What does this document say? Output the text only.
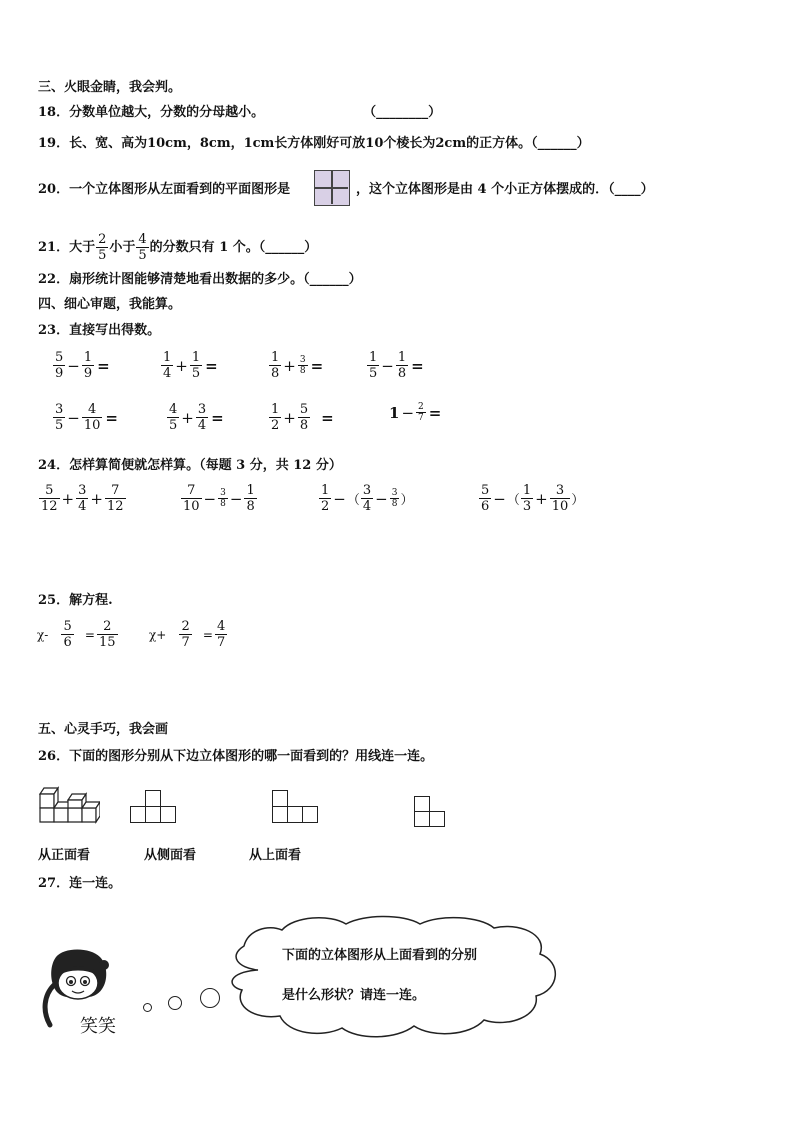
三、火眼金睛，我会判。
18．分数单位越大，分数的分母越小。	（________）
19．长、宽、高为10cm，8cm，1cm长方体刚好可放10个棱长为2cm的正方体。（______）
20．一个立体图形从左面看到的平面图形是	，这个立体图形是由 4 个小正方体摆成的．（____）
21．大于 $\frac{2}{5}$ 小于 $\frac{4}{5}$ 的分数只有 1 个。（______）
22．扇形统计图能够清楚地看出数据的多少。（______）
四、细心审题，我能算。
23．直接写出得数。
$\frac{5}{9} - \frac{1}{9}$ =	$\frac{1}{4} + \frac{1}{5}$ =	$\frac{1}{8} + \frac{3}{8}$ =	$\frac{1}{5} - \frac{1}{8}$ =
$\frac{3}{5} - \frac{4}{10}$ =	$\frac{4}{5} + \frac{3}{4}$ =	$\frac{1}{2} + \frac{5}{8}$ =	$1 - \frac{2}{7}$ =
24．怎样算简便就怎样算。（每题 3 分，共 12 分）
$\frac{5}{12} + \frac{3}{4} + \frac{7}{12}$	$\frac{7}{10} - \frac{3}{8} - \frac{1}{8}$	$\frac{1}{2}$ −（ $\frac{3}{4} - \frac{3}{8}$ ）	$\frac{5}{6}$ −（ $\frac{1}{3} + \frac{3}{10}$ ）
25．解方程.
$\chi- \frac{5}{6} = \frac{2}{15}$	$\chi+ \frac{2}{7} = \frac{4}{7}$
五、心灵手巧，我会画
26．下面的图形分别从下边立体图形的哪一面看到的？用线连一连。
从正面看	从侧面看	从上面看
27．连一连。
笑笑
下面的立体图形从上面看到的分别
是什么形状？请连一连。
